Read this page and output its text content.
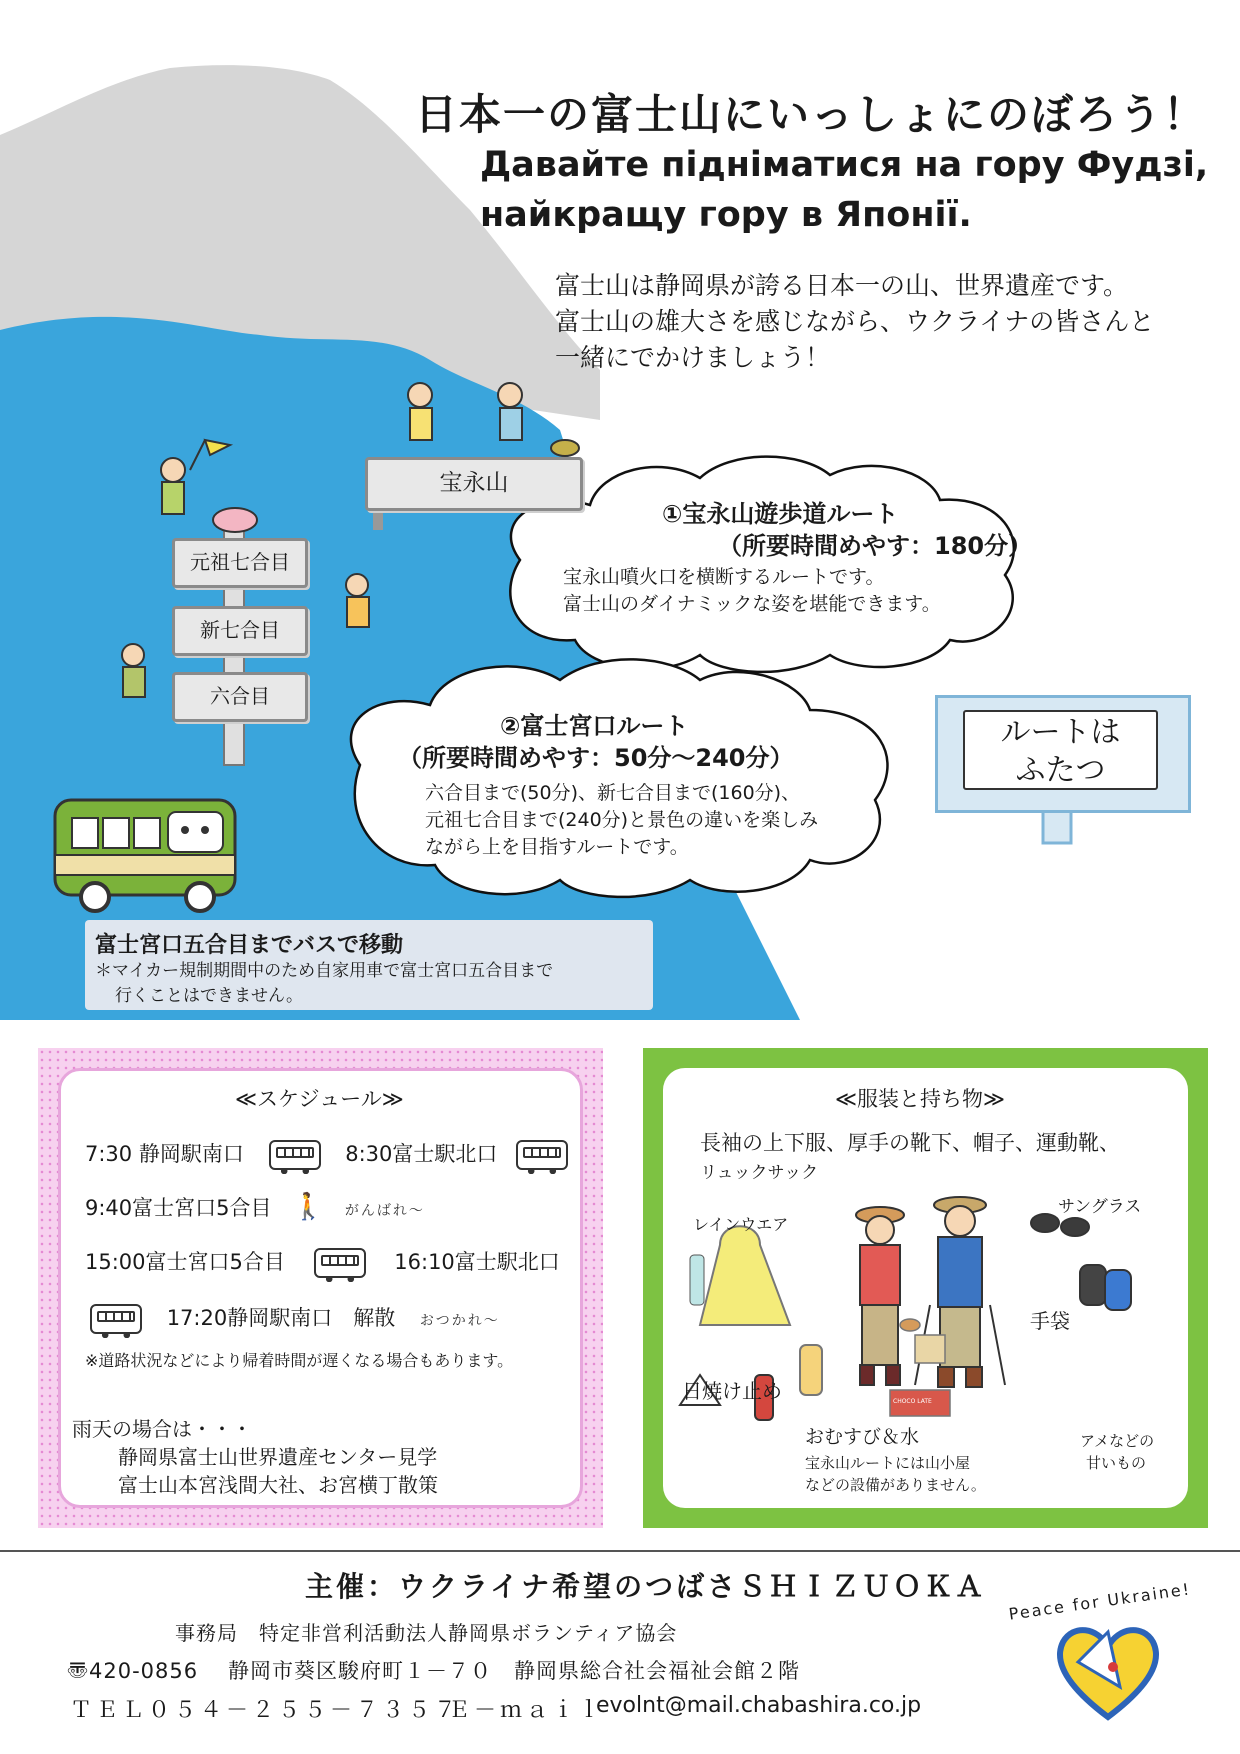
日本一の富士山にいっしょにのぼろう！
Давайте підніматися на гору Фудзі,
найкращу гору в Японії.
富士山は静岡県が誇る日本一の山、世界遺産です。
富士山の雄大さを感じながら、ウクライナの皆さんと
一緒にでかけましょう！
宝永山
元祖七合目
新七合目
六合目
①宝永山遊歩道ルート
（所要時間めやす：180分）
宝永山噴火口を横断するルートです。
富士山のダイナミックな姿を堪能できます。
②富士宮口ルート
（所要時間めやす：50分～240分）
六合目まで(50分)、新七合目まで(160分)、
元祖七合目まで(240分)と景色の違いを楽しみ
ながら上を目指すルートです。
ルートは
ふたつ
富士宮口五合目までバスで移動
＊マイカー規制期間中のため自家用車で富士宮口五合目まで
行くことはできません。
≪スケジュール≫
7:30 静岡駅南口	8:30富士駅北口
9:40富士宮口5合目 🚶 がんばれ～
15:00富士宮口5合目	16:10富士駅北口
17:20静岡駅南口　解散 おつかれ～
※道路状況などにより帰着時間が遅くなる場合もあります。
雨天の場合は・・・
静岡県富士山世界遺産センター見学
富士山本宮浅間大社、お宮横丁散策
≪服装と持ち物≫
長袖の上下服、厚手の靴下、帽子、運動靴、
リュックサック
レインウエア
サングラス
手袋
日焼け止め
おむすび＆水
宝永山ルートには山小屋
などの設備がありません。
アメなどの
甘いもの
CHOCO LATE
主催：ウクライナ希望のつばさＳＨＩＺＵＯＫＡ
事務局　特定非営利活動法人静岡県ボランティア協会
〠420-0856 静岡市葵区駿府町１－７０　静岡県総合社会福祉会館２階
ＴＥＬ０５４－２５５－７３５７
Ｅ－ｍａｉｌ
evolnt@mail.chabashira.co.jp
Peace for Ukraine!
